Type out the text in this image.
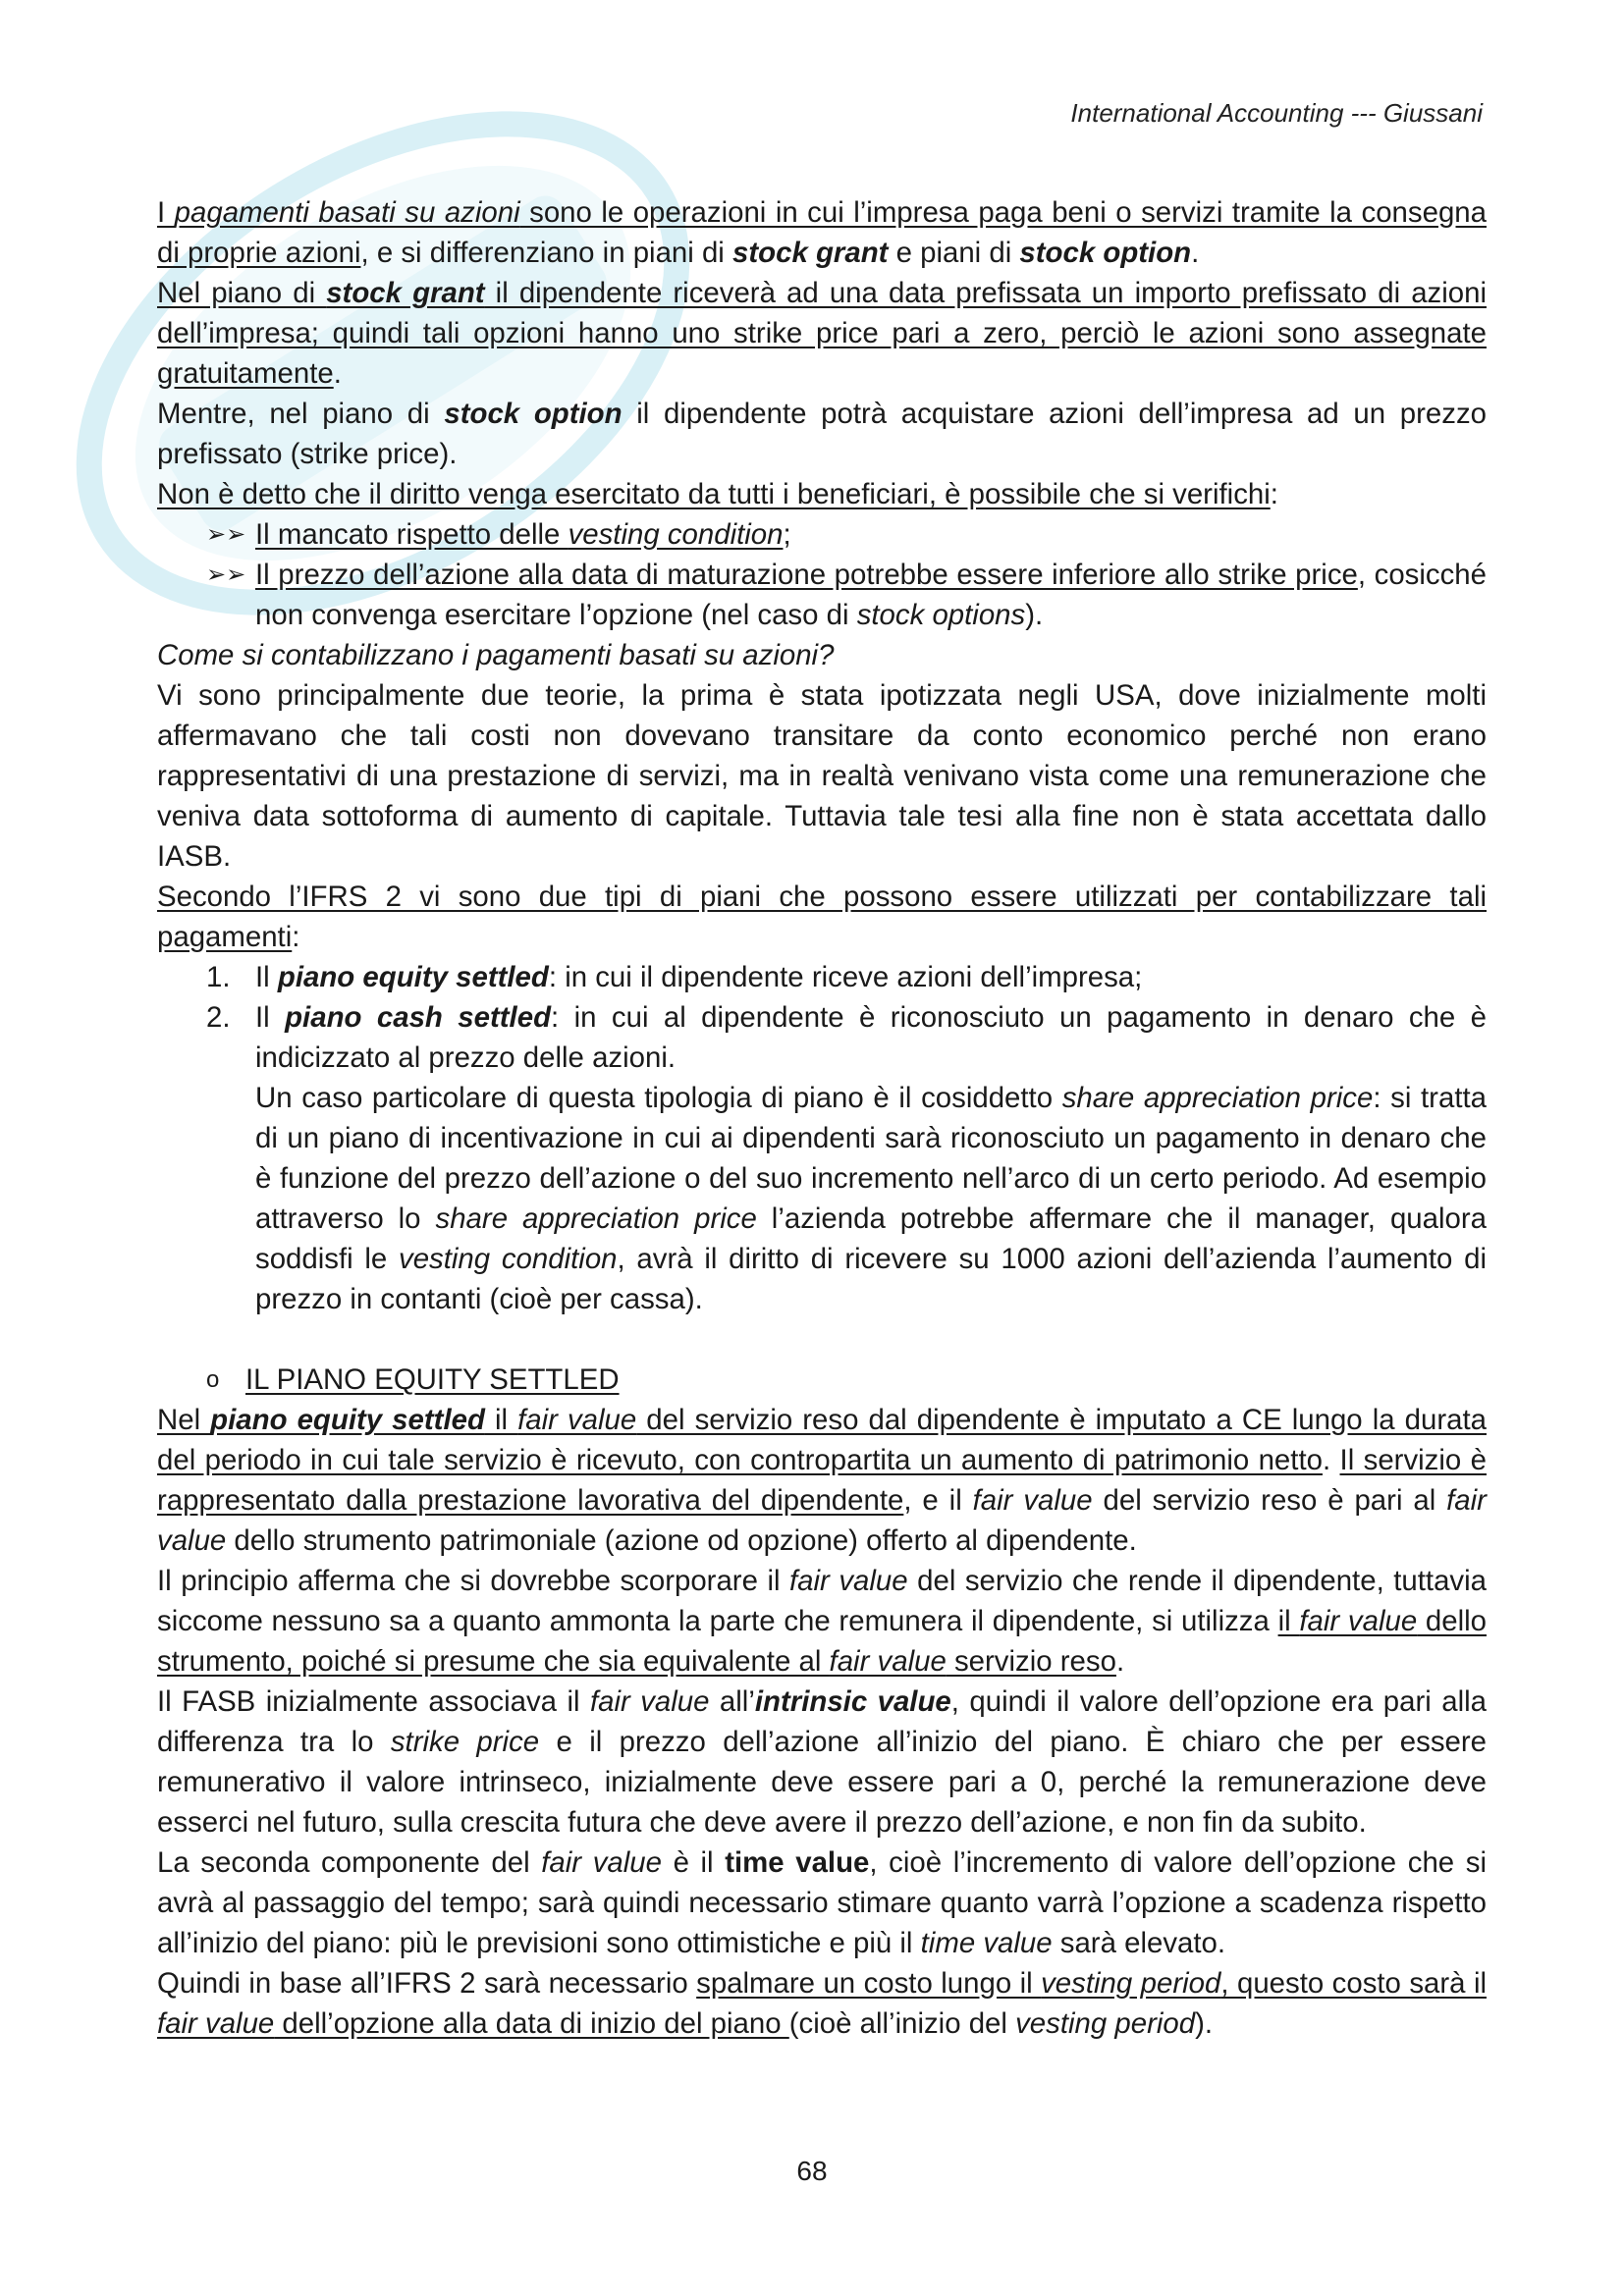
International Accounting --- Giussani

I pagamenti basati su azioni sono le operazioni in cui l’impresa paga beni o servizi tramite la consegna di proprie azioni, e si differenziano in piani di stock grant e piani di stock option.

Nel piano di stock grant il dipendente riceverà ad una data prefissata un importo prefissato di azioni dell’impresa; quindi tali opzioni hanno uno strike price pari a zero, perciò le azioni sono assegnate gratuitamente.

Mentre, nel piano di stock option il dipendente potrà acquistare azioni dell’impresa ad un prezzo prefissato (strike price).

Non è detto che il diritto venga esercitato da tutti i beneficiari, è possibile che si verifichi:

➢➢ Il mancato rispetto delle vesting condition;
➢➢ Il prezzo dell’azione alla data di maturazione potrebbe essere inferiore allo strike price, cosicché non convenga esercitare l’opzione (nel caso di stock options).

Come si contabilizzano i pagamenti basati su azioni?

Vi sono principalmente due teorie, la prima è stata ipotizzata negli USA, dove inizialmente molti affermavano che tali costi non dovevano transitare da conto economico perché non erano rappresentativi di una prestazione di servizi, ma in realtà venivano vista come una remunerazione che veniva data sottoforma di aumento di capitale. Tuttavia tale tesi alla fine non è stata accettata dallo IASB.

Secondo l’IFRS 2 vi sono due tipi di piani che possono essere utilizzati per contabilizzare tali pagamenti:

1. Il piano equity settled: in cui il dipendente riceve azioni dell’impresa;
2. Il piano cash settled: in cui al dipendente è riconosciuto un pagamento in denaro che è indicizzato al prezzo delle azioni.
Un caso particolare di questa tipologia di piano è il cosiddetto share appreciation price: si tratta di un piano di incentivazione in cui ai dipendenti sarà riconosciuto un pagamento in denaro che è funzione del prezzo dell’azione o del suo incremento nell’arco di un certo periodo. Ad esempio attraverso lo share appreciation price l’azienda potrebbe affermare che il manager, qualora soddisfi le vesting condition, avrà il diritto di ricevere su 1000 azioni dell’azienda l’aumento di prezzo in contanti (cioè per cassa).
o IL PIANO EQUITY SETTLED

Nel piano equity settled il fair value del servizio reso dal dipendente è imputato a CE lungo la durata del periodo in cui tale servizio è ricevuto, con contropartita un aumento di patrimonio netto. Il servizio è rappresentato dalla prestazione lavorativa del dipendente, e il fair value del servizio reso è pari al fair value dello strumento patrimoniale (azione od opzione) offerto al dipendente.

Il principio afferma che si dovrebbe scorporare il fair value del servizio che rende il dipendente, tuttavia siccome nessuno sa a quanto ammonta la parte che remunera il dipendente, si utilizza il fair value dello strumento, poiché si presume che sia equivalente al fair value servizio reso.

Il FASB inizialmente associava il fair value all’intrinsic value, quindi il valore dell’opzione era pari alla differenza tra lo strike price e il prezzo dell’azione all’inizio del piano. È chiaro che per essere remunerativo il valore intrinseco, inizialmente deve essere pari a 0, perché la remunerazione deve esserci nel futuro, sulla crescita futura che deve avere il prezzo dell’azione, e non fin da subito.

La seconda componente del fair value è il time value, cioè l’incremento di valore dell’opzione che si avrà al passaggio del tempo; sarà quindi necessario stimare quanto varrà l’opzione a scadenza rispetto all’inizio del piano: più le previsioni sono ottimistiche e più il time value sarà elevato.

Quindi in base all’IFRS 2 sarà necessario spalmare un costo lungo il vesting period, questo costo sarà il fair value dell’opzione alla data di inizio del piano (cioè all’inizio del vesting period).

68
